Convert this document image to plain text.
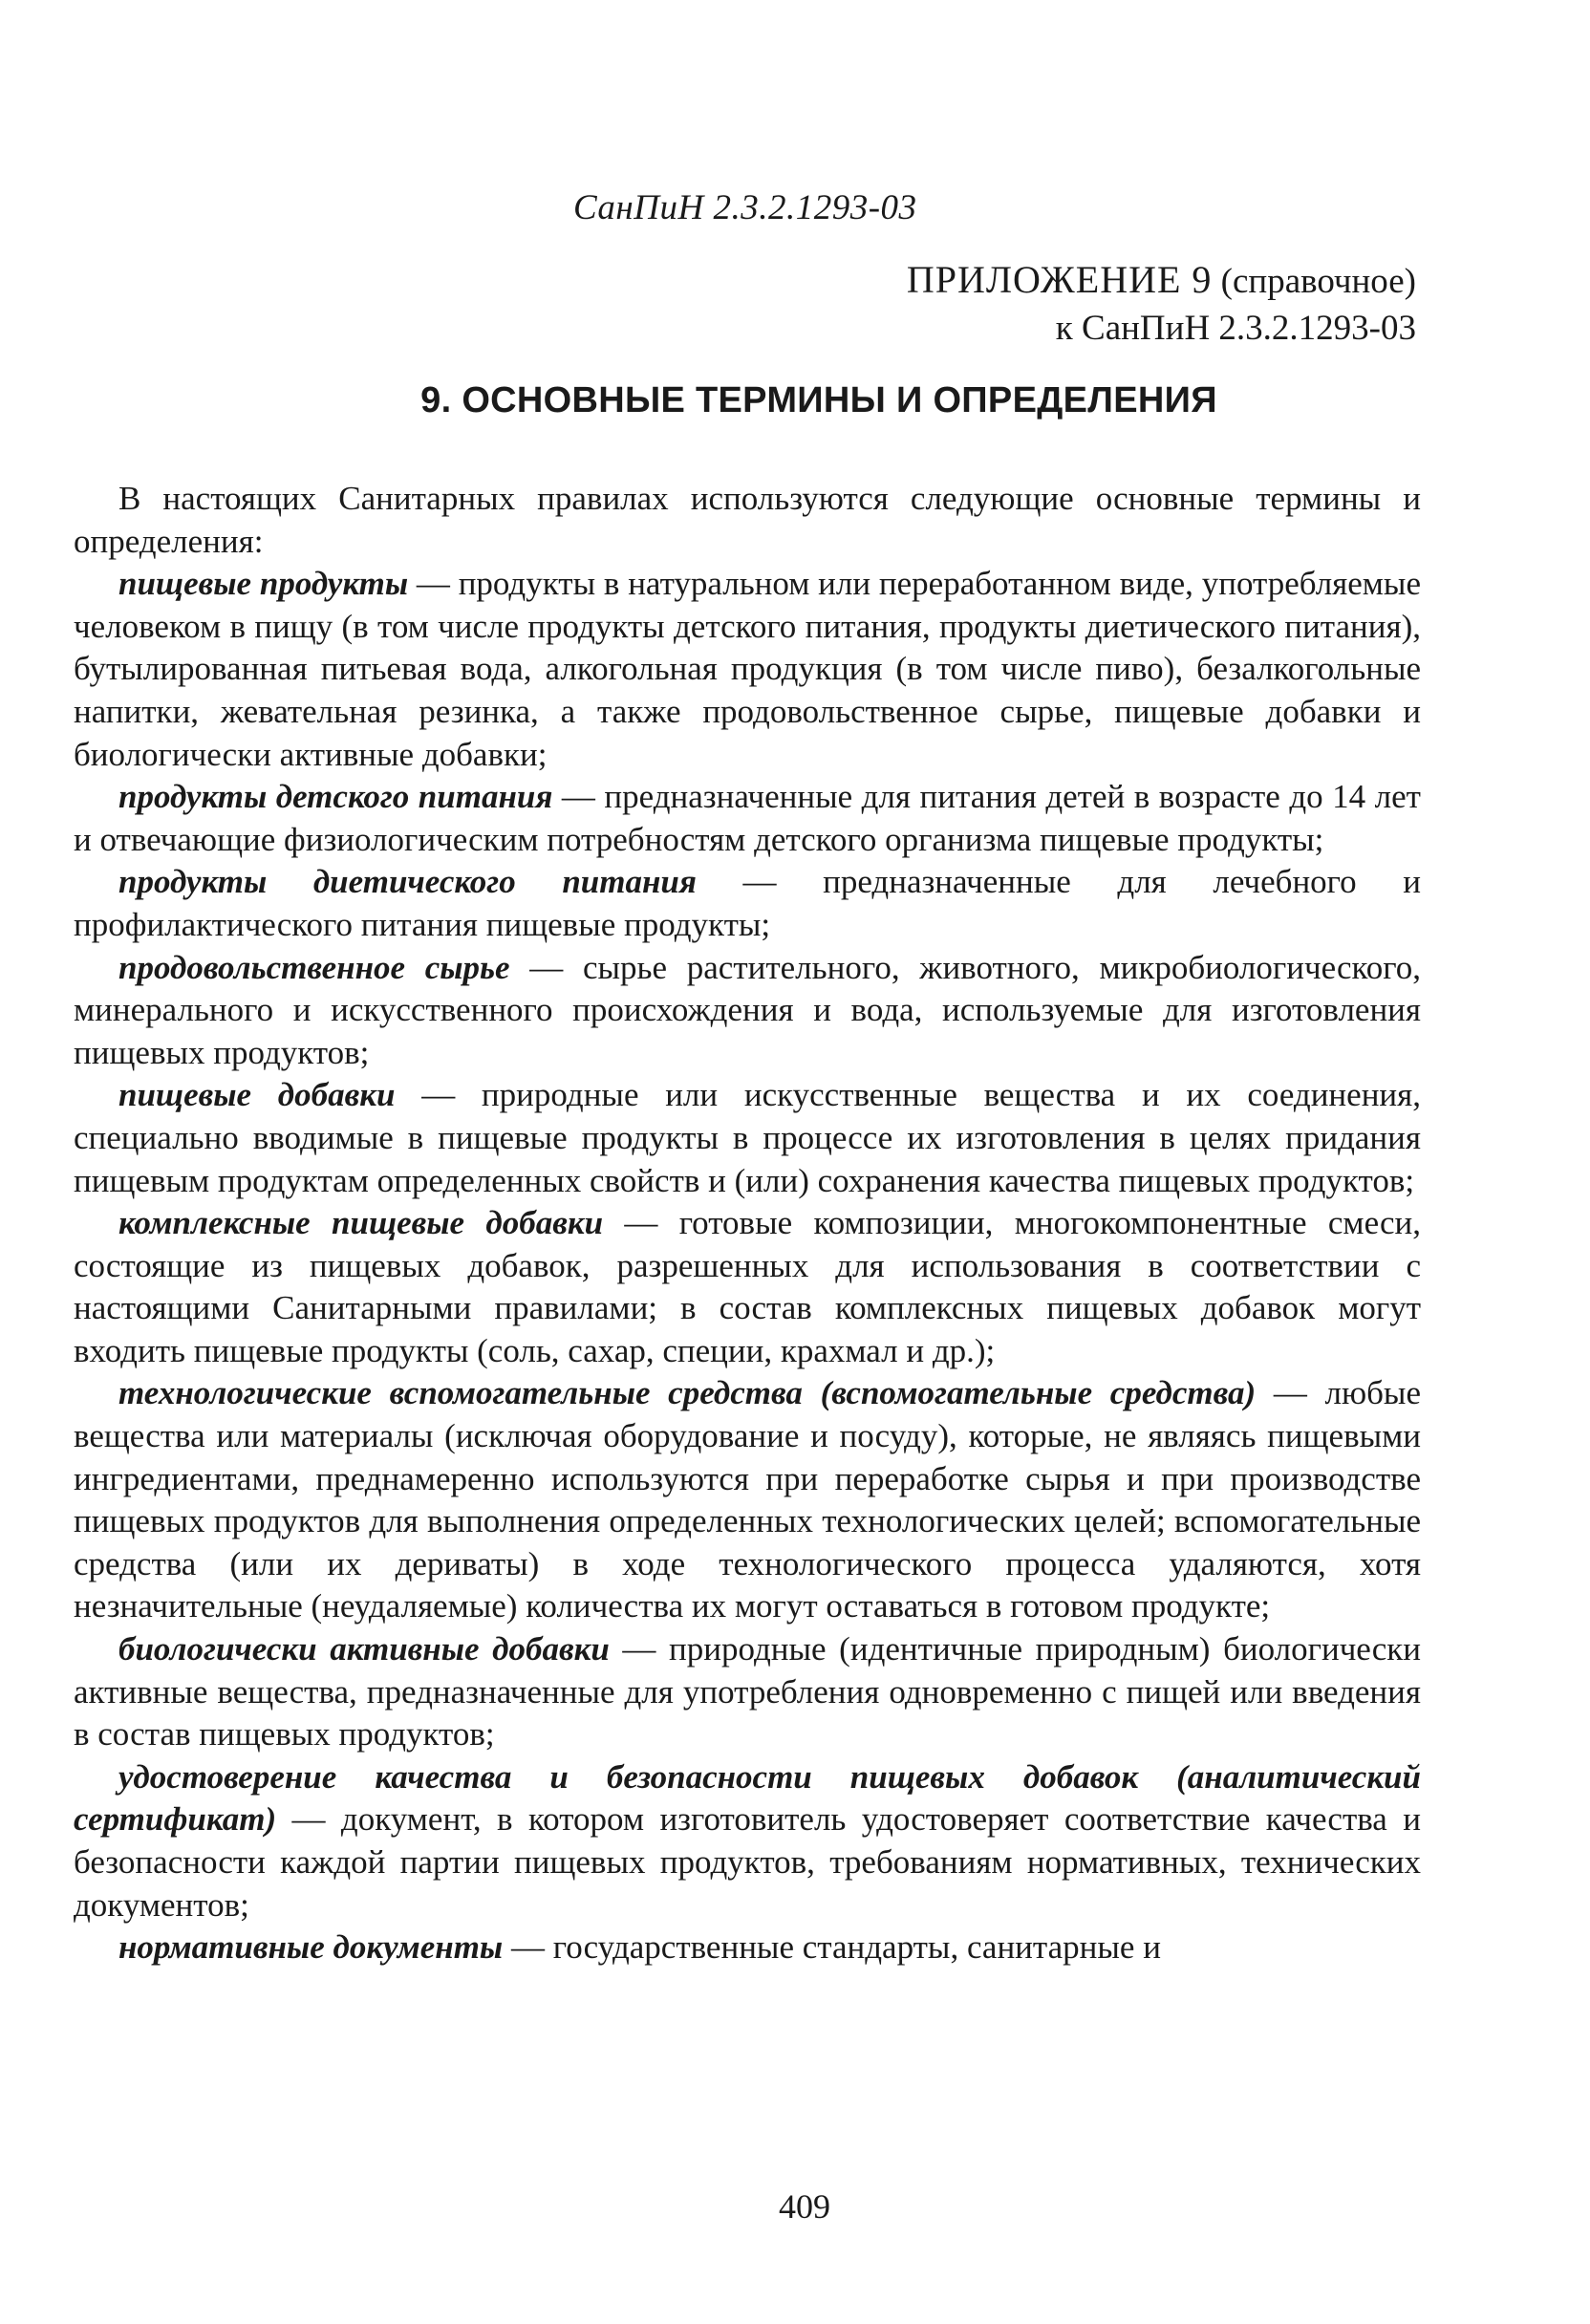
СанПиН 2.3.2.1293-03
ПРИЛОЖЕНИЕ 9 (справочное)
к СанПиН 2.3.2.1293-03
9. ОСНОВНЫЕ ТЕРМИНЫ И ОПРЕДЕЛЕНИЯ

В настоящих Санитарных правилах используются следующие основные термины и определения:

пищевые продукты — продукты в натуральном или переработанном виде, употребляемые человеком в пищу (в том числе продукты детского питания, продукты диетического питания), бутылированная питьевая вода, алкогольная продукция (в том числе пиво), безалкогольные напитки, жевательная резинка, а также продовольственное сырье, пищевые добавки и биологически активные добавки;

продукты детского питания — предназначенные для питания детей в возрасте до 14 лет и отвечающие физиологическим потребностям детского организма пищевые продукты;

продукты диетического питания — предназначенные для лечебного и профилактического питания пищевые продукты;

продовольственное сырье — сырье растительного, животного, микробиологического, минерального и искусственного происхождения и вода, используемые для изготовления пищевых продуктов;

пищевые добавки — природные или искусственные вещества и их соединения, специально вводимые в пищевые продукты в процессе их изготовления в целях придания пищевым продуктам определенных свойств и (или) сохранения качества пищевых продуктов;

комплексные пищевые добавки — готовые композиции, многокомпонентные смеси, состоящие из пищевых добавок, разрешенных для использования в соответствии с настоящими Санитарными правилами; в состав комплексных пищевых добавок могут входить пищевые продукты (соль, сахар, специи, крахмал и др.);

технологические вспомогательные средства (вспомогательные средства) — любые вещества или материалы (исключая оборудование и посуду), которые, не являясь пищевыми ингредиентами, преднамеренно используются при переработке сырья и при производстве пищевых продуктов для выполнения определенных технологических целей; вспомогательные средства (или их дериваты) в ходе технологического процесса удаляются, хотя незначительные (неудаляемые) количества их могут оставаться в готовом продукте;

биологически активные добавки — природные (идентичные природным) биологически активные вещества, предназначенные для употребления одновременно с пищей или введения в состав пищевых продуктов;

удостоверение качества и безопасности пищевых добавок (аналитический сертификат) — документ, в котором изготовитель удостоверяет соответствие качества и безопасности каждой партии пищевых продуктов, требованиям нормативных, технических документов;

нормативные документы — государственные стандарты, санитарные и

409
